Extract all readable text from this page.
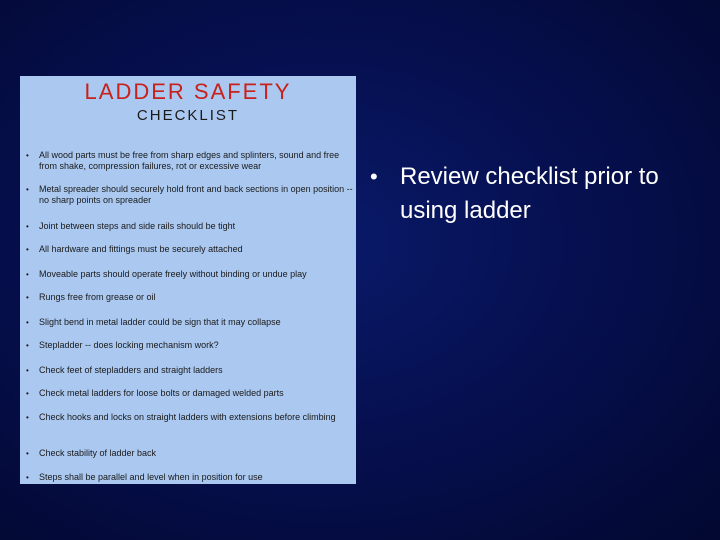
LADDER SAFETY
CHECKLIST
•	All wood parts must be free from sharp edges and splinters, sound and free from shake, compression failures, rot or excessive wear
•	Metal spreader should securely hold front and back sections in open position -- no sharp points on spreader
•	Joint between steps and side rails should be tight
•	All hardware and fittings must be securely attached
•	Moveable parts should operate freely without binding or undue play
•	Rungs free from grease or oil
•	Slight bend in metal ladder could be sign that it may collapse
•	Stepladder -- does locking mechanism work?
•	Check feet of stepladders and straight ladders
•	Check metal ladders for loose bolts or damaged welded parts
•	Check hooks and locks on straight ladders with extensions before climbing
•	Check stability of ladder back
•	Steps shall be parallel and level when in position for use
• Review checklist prior to using ladder
